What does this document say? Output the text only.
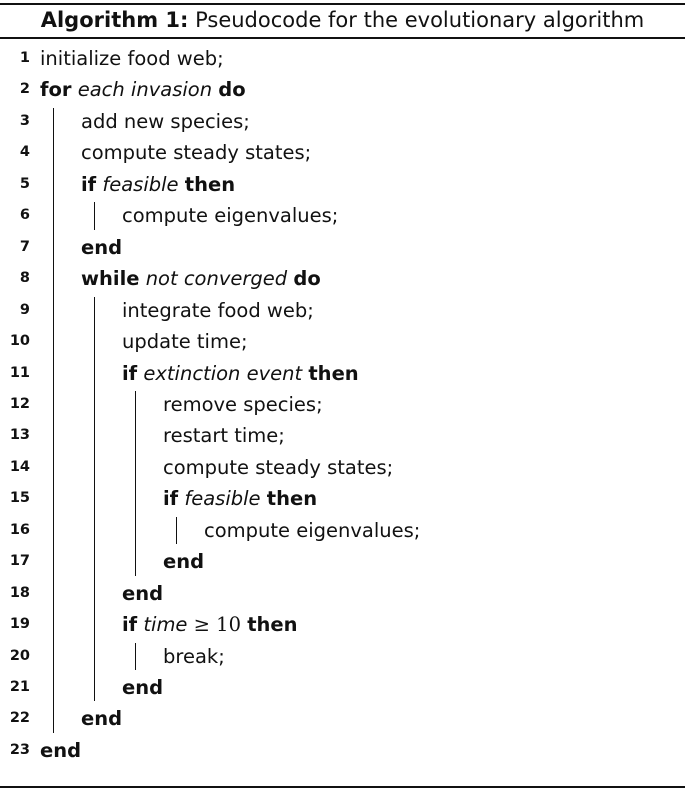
Algorithm 1: Pseudocode for the evolutionary algorithm
1 initialize food web;
2 for each invasion do
3	add new species;
4	compute steady states;
5	if feasible then
6	compute eigenvalues;
7	end
8	while not converged do
9	integrate food web;
10	update time;
11	if extinction event then
12	remove species;
13	restart time;
14	compute steady states;
15	if feasible then
16	compute eigenvalues;
17	end
18	end
19	if time ≥ 10 then
20	break;
21	end
22	end
23 end
